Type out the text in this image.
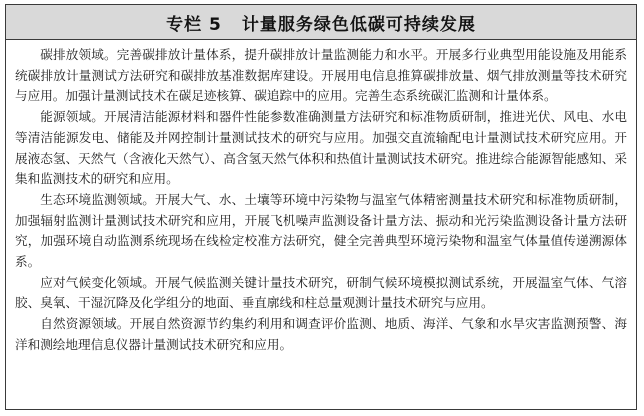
专栏 5 计量服务绿色低碳可持续发展

碳排放领域。完善碳排放计量体系，提升碳排放计量监测能力和水平。开展多行业典型用能设施及用能系统碳排放计量测试方法研究和碳排放基准数据库建设。开展用电信息推算碳排放量、烟气排放测量等技术研究与应用。加强计量测试技术在碳足迹核算、碳追踪中的应用。完善生态系统碳汇监测和计量体系。

能源领域。开展清洁能源材料和器件性能参数准确测量方法研究和标准物质研制，推进光伏、风电、水电等清洁能源发电、储能及并网控制计量测试技术的研究与应用。加强交直流输配电计量测试技术研究应用。开展液态氢、天然气（含液化天然气）、高含氢天然气体积和热值计量测试技术研究。推进综合能源智能感知、采集和监测技术的研究和应用。

生态环境监测领域。开展大气、水、土壤等环境中污染物与温室气体精密测量技术研究和标准物质研制，加强辐射监测计量测试技术研究和应用，开展飞机噪声监测设备计量方法、振动和光污染监测设备计量方法研究，加强环境自动监测系统现场在线检定校准方法研究，健全完善典型环境污染物和温室气体量值传递溯源体系。

应对气候变化领域。开展气候监测关键计量技术研究，研制气候环境模拟测试系统，开展温室气体、气溶胶、臭氧、干湿沉降及化学组分的地面、垂直廓线和柱总量观测计量技术研究与应用。

自然资源领域。开展自然资源节约集约利用和调查评价监测、地质、海洋、气象和水旱灾害监测预警、海洋和测绘地理信息仪器计量测试技术研究和应用。
